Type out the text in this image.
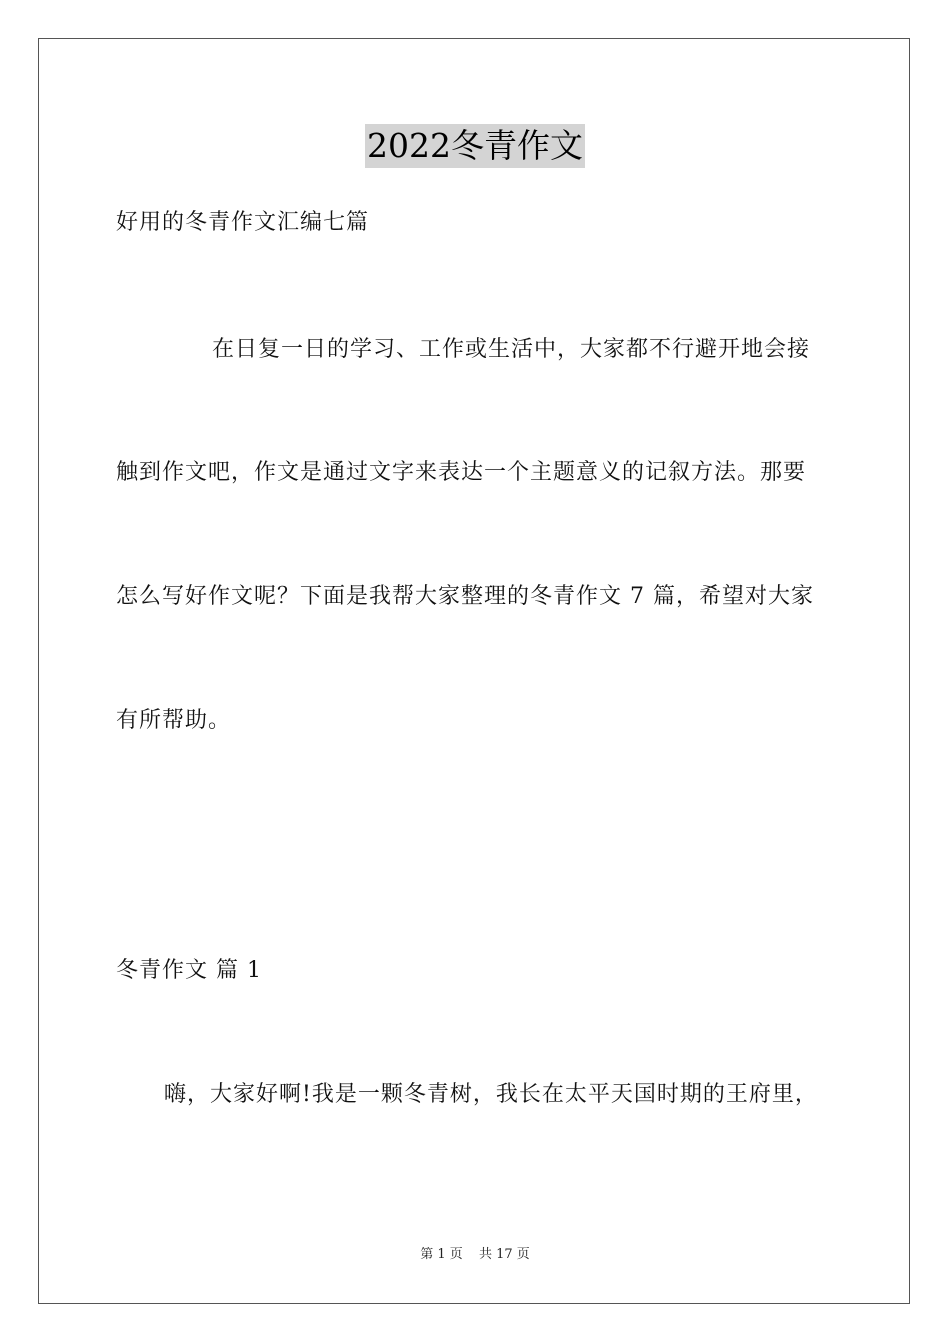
2022冬青作文
好用的冬青作文汇编七篇
在日复一日的学习、工作或生活中，大家都不行避开地会接
触到作文吧，作文是通过文字来表达一个主题意义的记叙方法。那要
怎么写好作文呢？下面是我帮大家整理的冬青作文 7 篇，希望对大家
有所帮助。
冬青作文 篇 1
嗨，大家好啊!我是一颗冬青树，我长在太平天国时期的王府里，
第 1 页 共 17 页
